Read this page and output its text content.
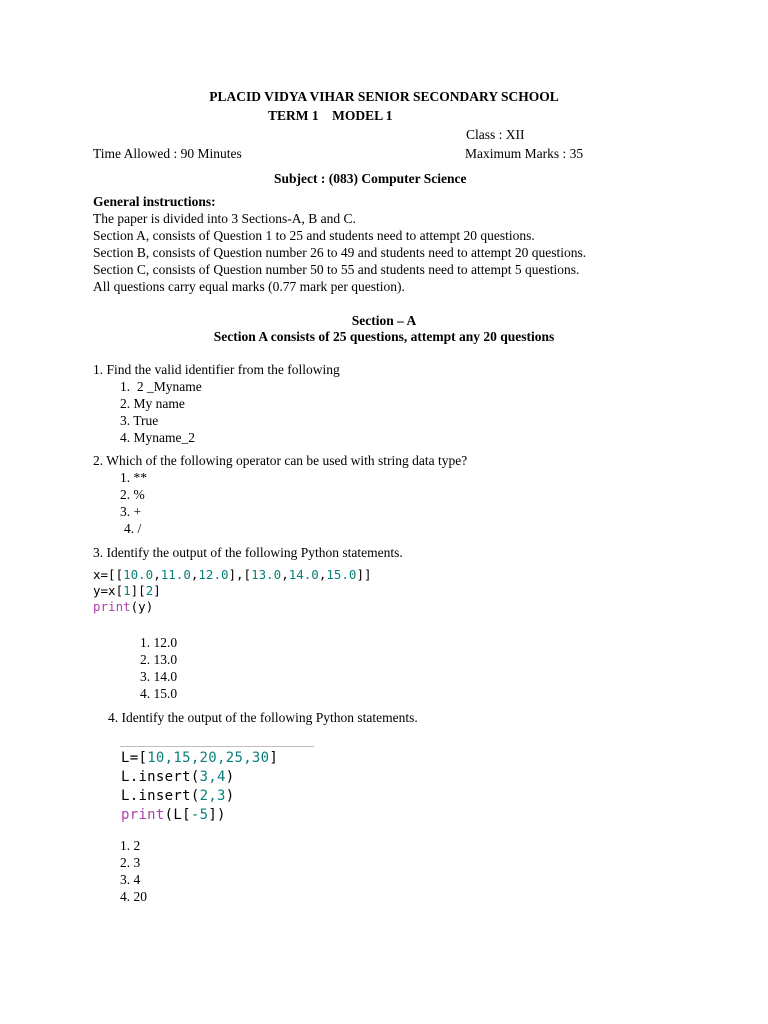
PLACID VIDYA VIHAR SENIOR SECONDARY SCHOOL
TERM 1    MODEL 1
Class : XII
Time Allowed : 90 Minutes	Maximum Marks : 35
Subject : (083) Computer Science
General instructions:
The paper is divided into 3 Sections-A, B and C.
Section A, consists of Question 1 to 25 and students need to attempt 20 questions.
Section B, consists of Question number 26 to 49 and students need to attempt 20 questions.
Section C, consists of Question number 50 to 55 and students need to attempt 5 questions.
All questions carry equal marks (0.77 mark per question).
Section – A
Section A consists of 25 questions, attempt any 20 questions
1. Find the valid identifier from the following
1.  2 _Myname
2. My name
3. True
4. Myname_2
2. Which of the following operator can be used with string data type?
1. **
2. %
3. +
4. /
3. Identify the output of the following Python statements.
x=[[10.0,11.0,12.0],[13.0,14.0,15.0]]
y=x[1][2]
print(y)
1. 12.0
2. 13.0
3. 14.0
4. 15.0
4. Identify the output of the following Python statements.
L=[10,15,20,25,30]
L.insert(3,4)
L.insert(2,3)
print(L[-5])
1. 2
2. 3
3. 4
4. 20
